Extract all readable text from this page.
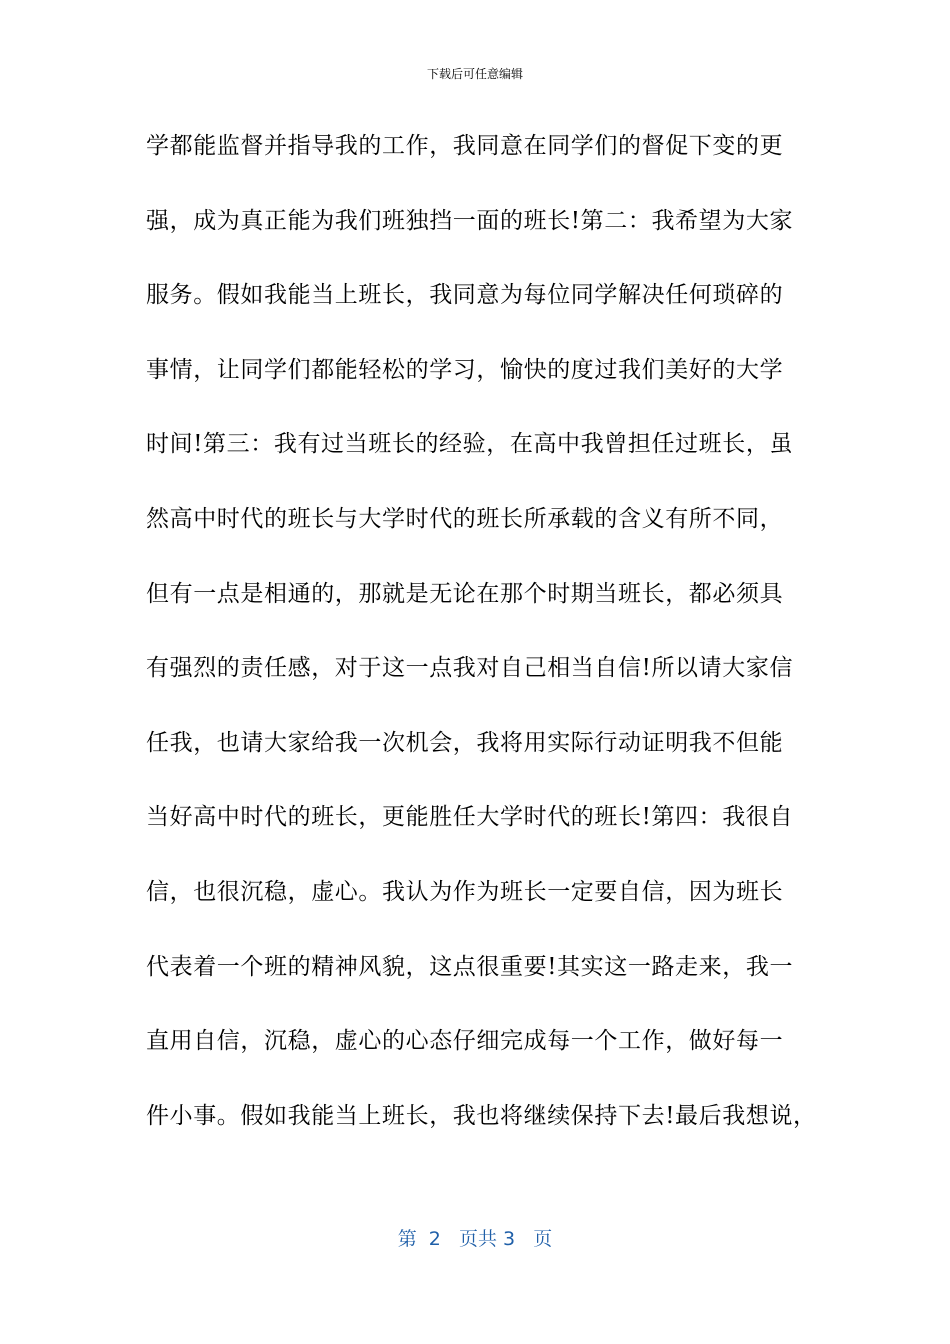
下载后可任意编辑
学都能监督并指导我的工作，我同意在同学们的督促下变的更
强，成为真正能为我们班独挡一面的班长!第二：我希望为大家
服务。假如我能当上班长，我同意为每位同学解决任何琐碎的
事情，让同学们都能轻松的学习，愉快的度过我们美好的大学
时间!第三：我有过当班长的经验，在高中我曾担任过班长，虽
然高中时代的班长与大学时代的班长所承载的含义有所不同，
但有一点是相通的，那就是无论在那个时期当班长，都必须具
有强烈的责任感，对于这一点我对自己相当自信!所以请大家信
任我，也请大家给我一次机会，我将用实际行动证明我不但能
当好高中时代的班长，更能胜任大学时代的班长!第四：我很自
信，也很沉稳，虚心。我认为作为班长一定要自信，因为班长
代表着一个班的精神风貌，这点很重要!其实这一路走来，我一
直用自信，沉稳，虚心的心态仔细完成每一个工作，做好每一
件小事。假如我能当上班长，我也将继续保持下去!最后我想说，
第  2   页共 3   页
